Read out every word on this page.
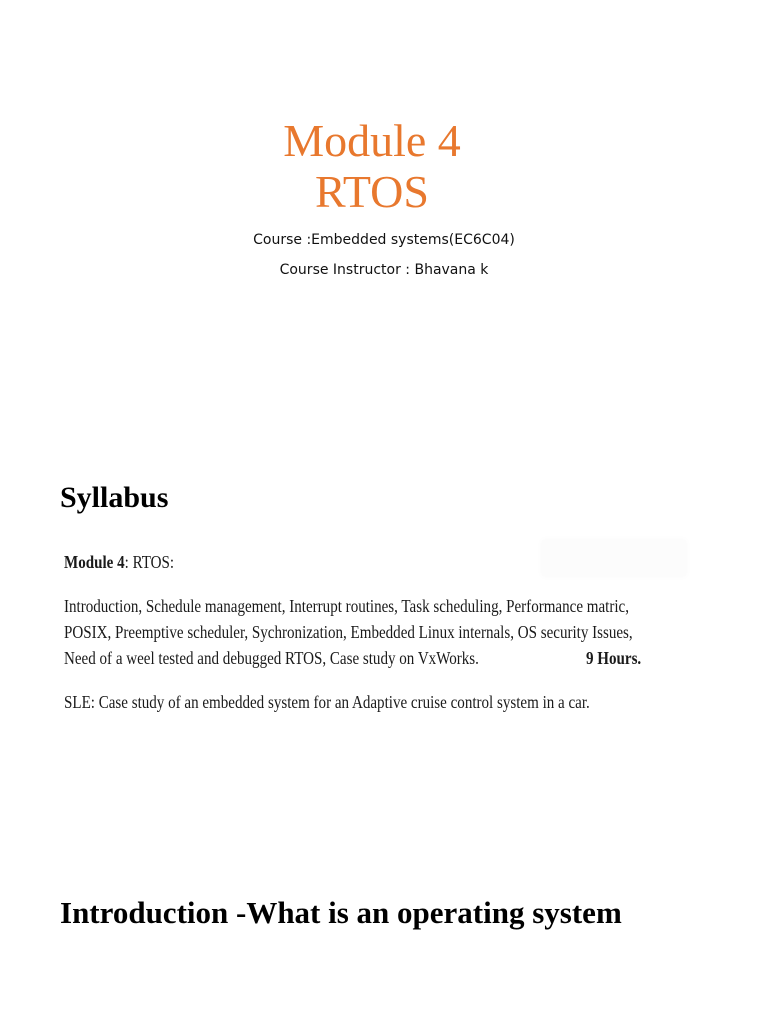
Module 4
RTOS
Course :Embedded systems(EC6C04)
Course Instructor : Bhavana k
Syllabus
Module 4: RTOS:
Introduction, Schedule management, Interrupt routines, Task scheduling, Performance matric,
POSIX, Preemptive scheduler, Sychronization, Embedded Linux internals, OS security Issues,
Need of a weel tested and debugged RTOS, Case study on VxWorks.	9 Hours.
SLE: Case study of an embedded system for an Adaptive cruise control system in a car.
Introduction -What is an operating system
